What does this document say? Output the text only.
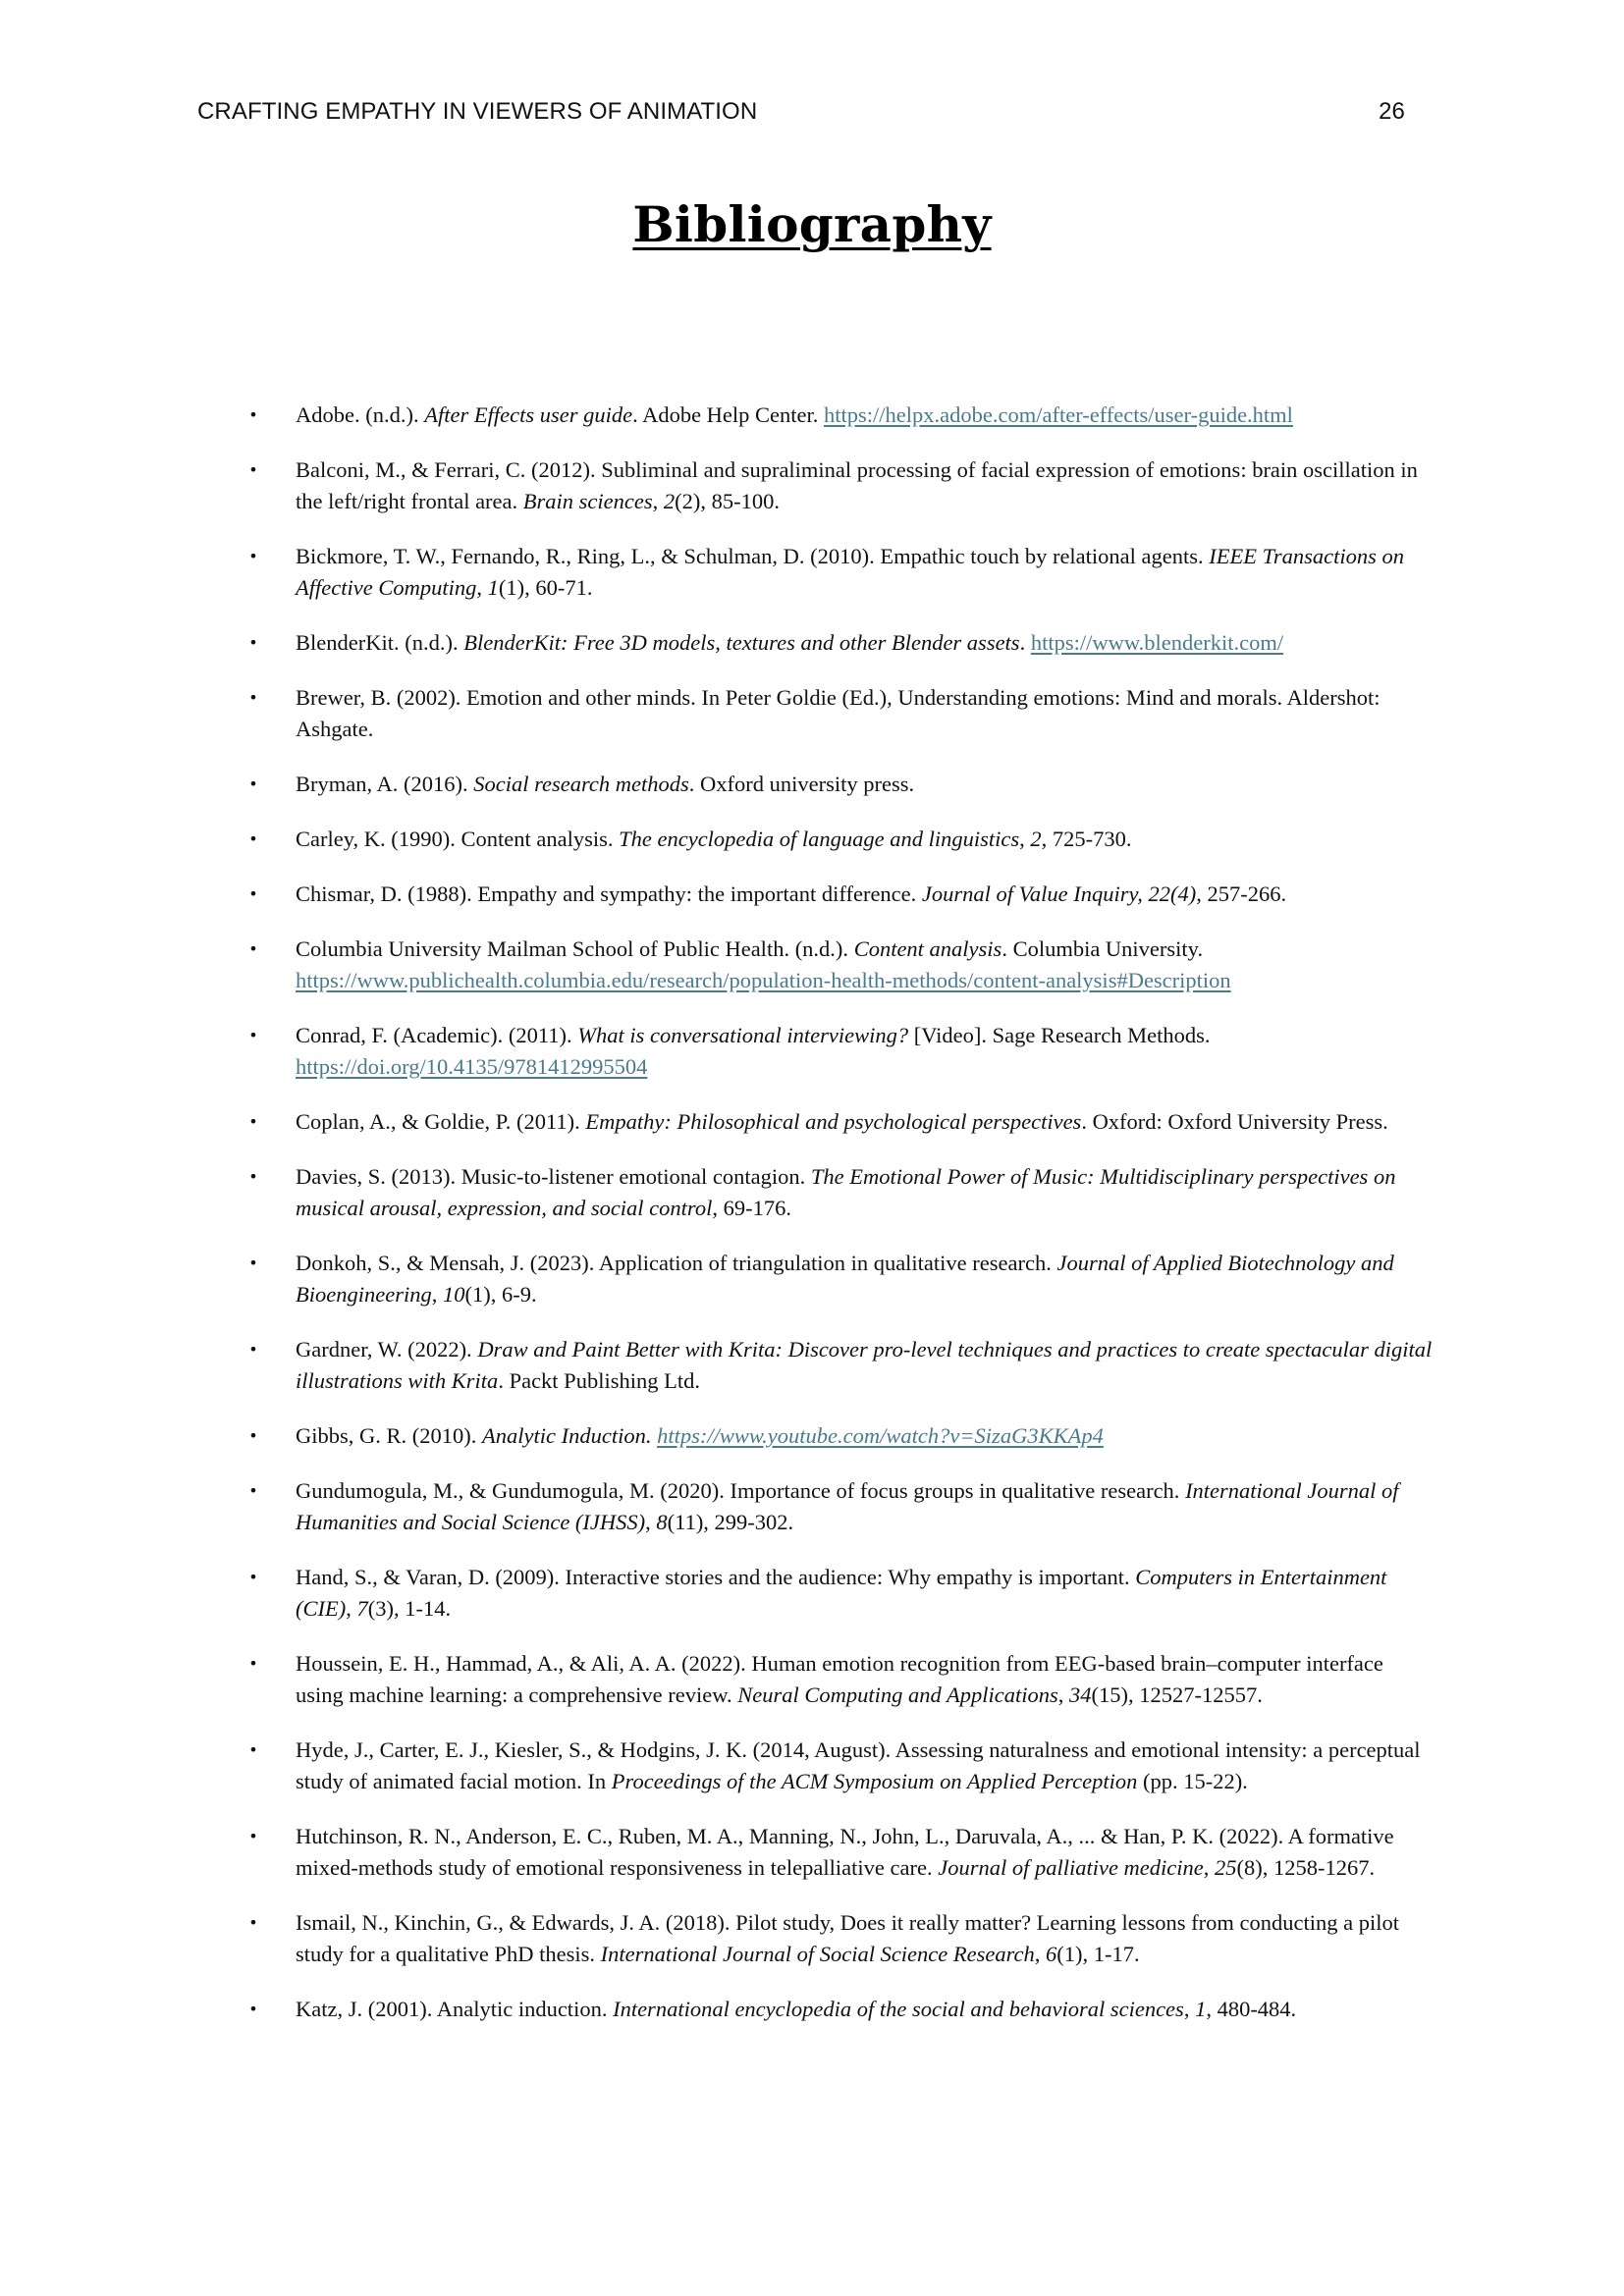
CRAFTING EMPATHY IN VIEWERS OF ANIMATION	26
Bibliography
• Adobe. (n.d.). After Effects user guide. Adobe Help Center. https://helpx.adobe.com/after-effects/user-guide.html
• Balconi, M., & Ferrari, C. (2012). Subliminal and supraliminal processing of facial expression of emotions: brain oscillation in the left/right frontal area. Brain sciences, 2(2), 85-100.
• Bickmore, T. W., Fernando, R., Ring, L., & Schulman, D. (2010). Empathic touch by relational agents. IEEE Transactions on Affective Computing, 1(1), 60-71.
• BlenderKit. (n.d.). BlenderKit: Free 3D models, textures and other Blender assets. https://www.blenderkit.com/
• Brewer, B. (2002). Emotion and other minds. In Peter Goldie (Ed.), Understanding emotions: Mind and morals. Aldershot: Ashgate.
• Bryman, A. (2016). Social research methods. Oxford university press.
• Carley, K. (1990). Content analysis. The encyclopedia of language and linguistics, 2, 725-730.
• Chismar, D. (1988). Empathy and sympathy: the important difference. Journal of Value Inquiry, 22(4), 257-266.
• Columbia University Mailman School of Public Health. (n.d.). Content analysis. Columbia University. https://www.publichealth.columbia.edu/research/population-health-methods/content-analysis#Description
• Conrad, F. (Academic). (2011). What is conversational interviewing? [Video]. Sage Research Methods. https://doi.org/10.4135/9781412995504
• Coplan, A., & Goldie, P. (2011). Empathy: Philosophical and psychological perspectives. Oxford: Oxford University Press.
• Davies, S. (2013). Music-to-listener emotional contagion. The Emotional Power of Music: Multidisciplinary perspectives on musical arousal, expression, and social control, 69-176.
• Donkoh, S., & Mensah, J. (2023). Application of triangulation in qualitative research. Journal of Applied Biotechnology and Bioengineering, 10(1), 6-9.
• Gardner, W. (2022). Draw and Paint Better with Krita: Discover pro-level techniques and practices to create spectacular digital illustrations with Krita. Packt Publishing Ltd.
• Gibbs, G. R. (2010). Analytic Induction. https://www.youtube.com/watch?v=SizaG3KKAp4
• Gundumogula, M., & Gundumogula, M. (2020). Importance of focus groups in qualitative research. International Journal of Humanities and Social Science (IJHSS), 8(11), 299-302.
• Hand, S., & Varan, D. (2009). Interactive stories and the audience: Why empathy is important. Computers in Entertainment (CIE), 7(3), 1-14.
• Houssein, E. H., Hammad, A., & Ali, A. A. (2022). Human emotion recognition from EEG-based brain–computer interface using machine learning: a comprehensive review. Neural Computing and Applications, 34(15), 12527-12557.
• Hyde, J., Carter, E. J., Kiesler, S., & Hodgins, J. K. (2014, August). Assessing naturalness and emotional intensity: a perceptual study of animated facial motion. In Proceedings of the ACM Symposium on Applied Perception (pp. 15-22).
• Hutchinson, R. N., Anderson, E. C., Ruben, M. A., Manning, N., John, L., Daruvala, A., ... & Han, P. K. (2022). A formative mixed-methods study of emotional responsiveness in telepalliative care. Journal of palliative medicine, 25(8), 1258-1267.
• Ismail, N., Kinchin, G., & Edwards, J. A. (2018). Pilot study, Does it really matter? Learning lessons from conducting a pilot study for a qualitative PhD thesis. International Journal of Social Science Research, 6(1), 1-17.
• Katz, J. (2001). Analytic induction. International encyclopedia of the social and behavioral sciences, 1, 480-484.
